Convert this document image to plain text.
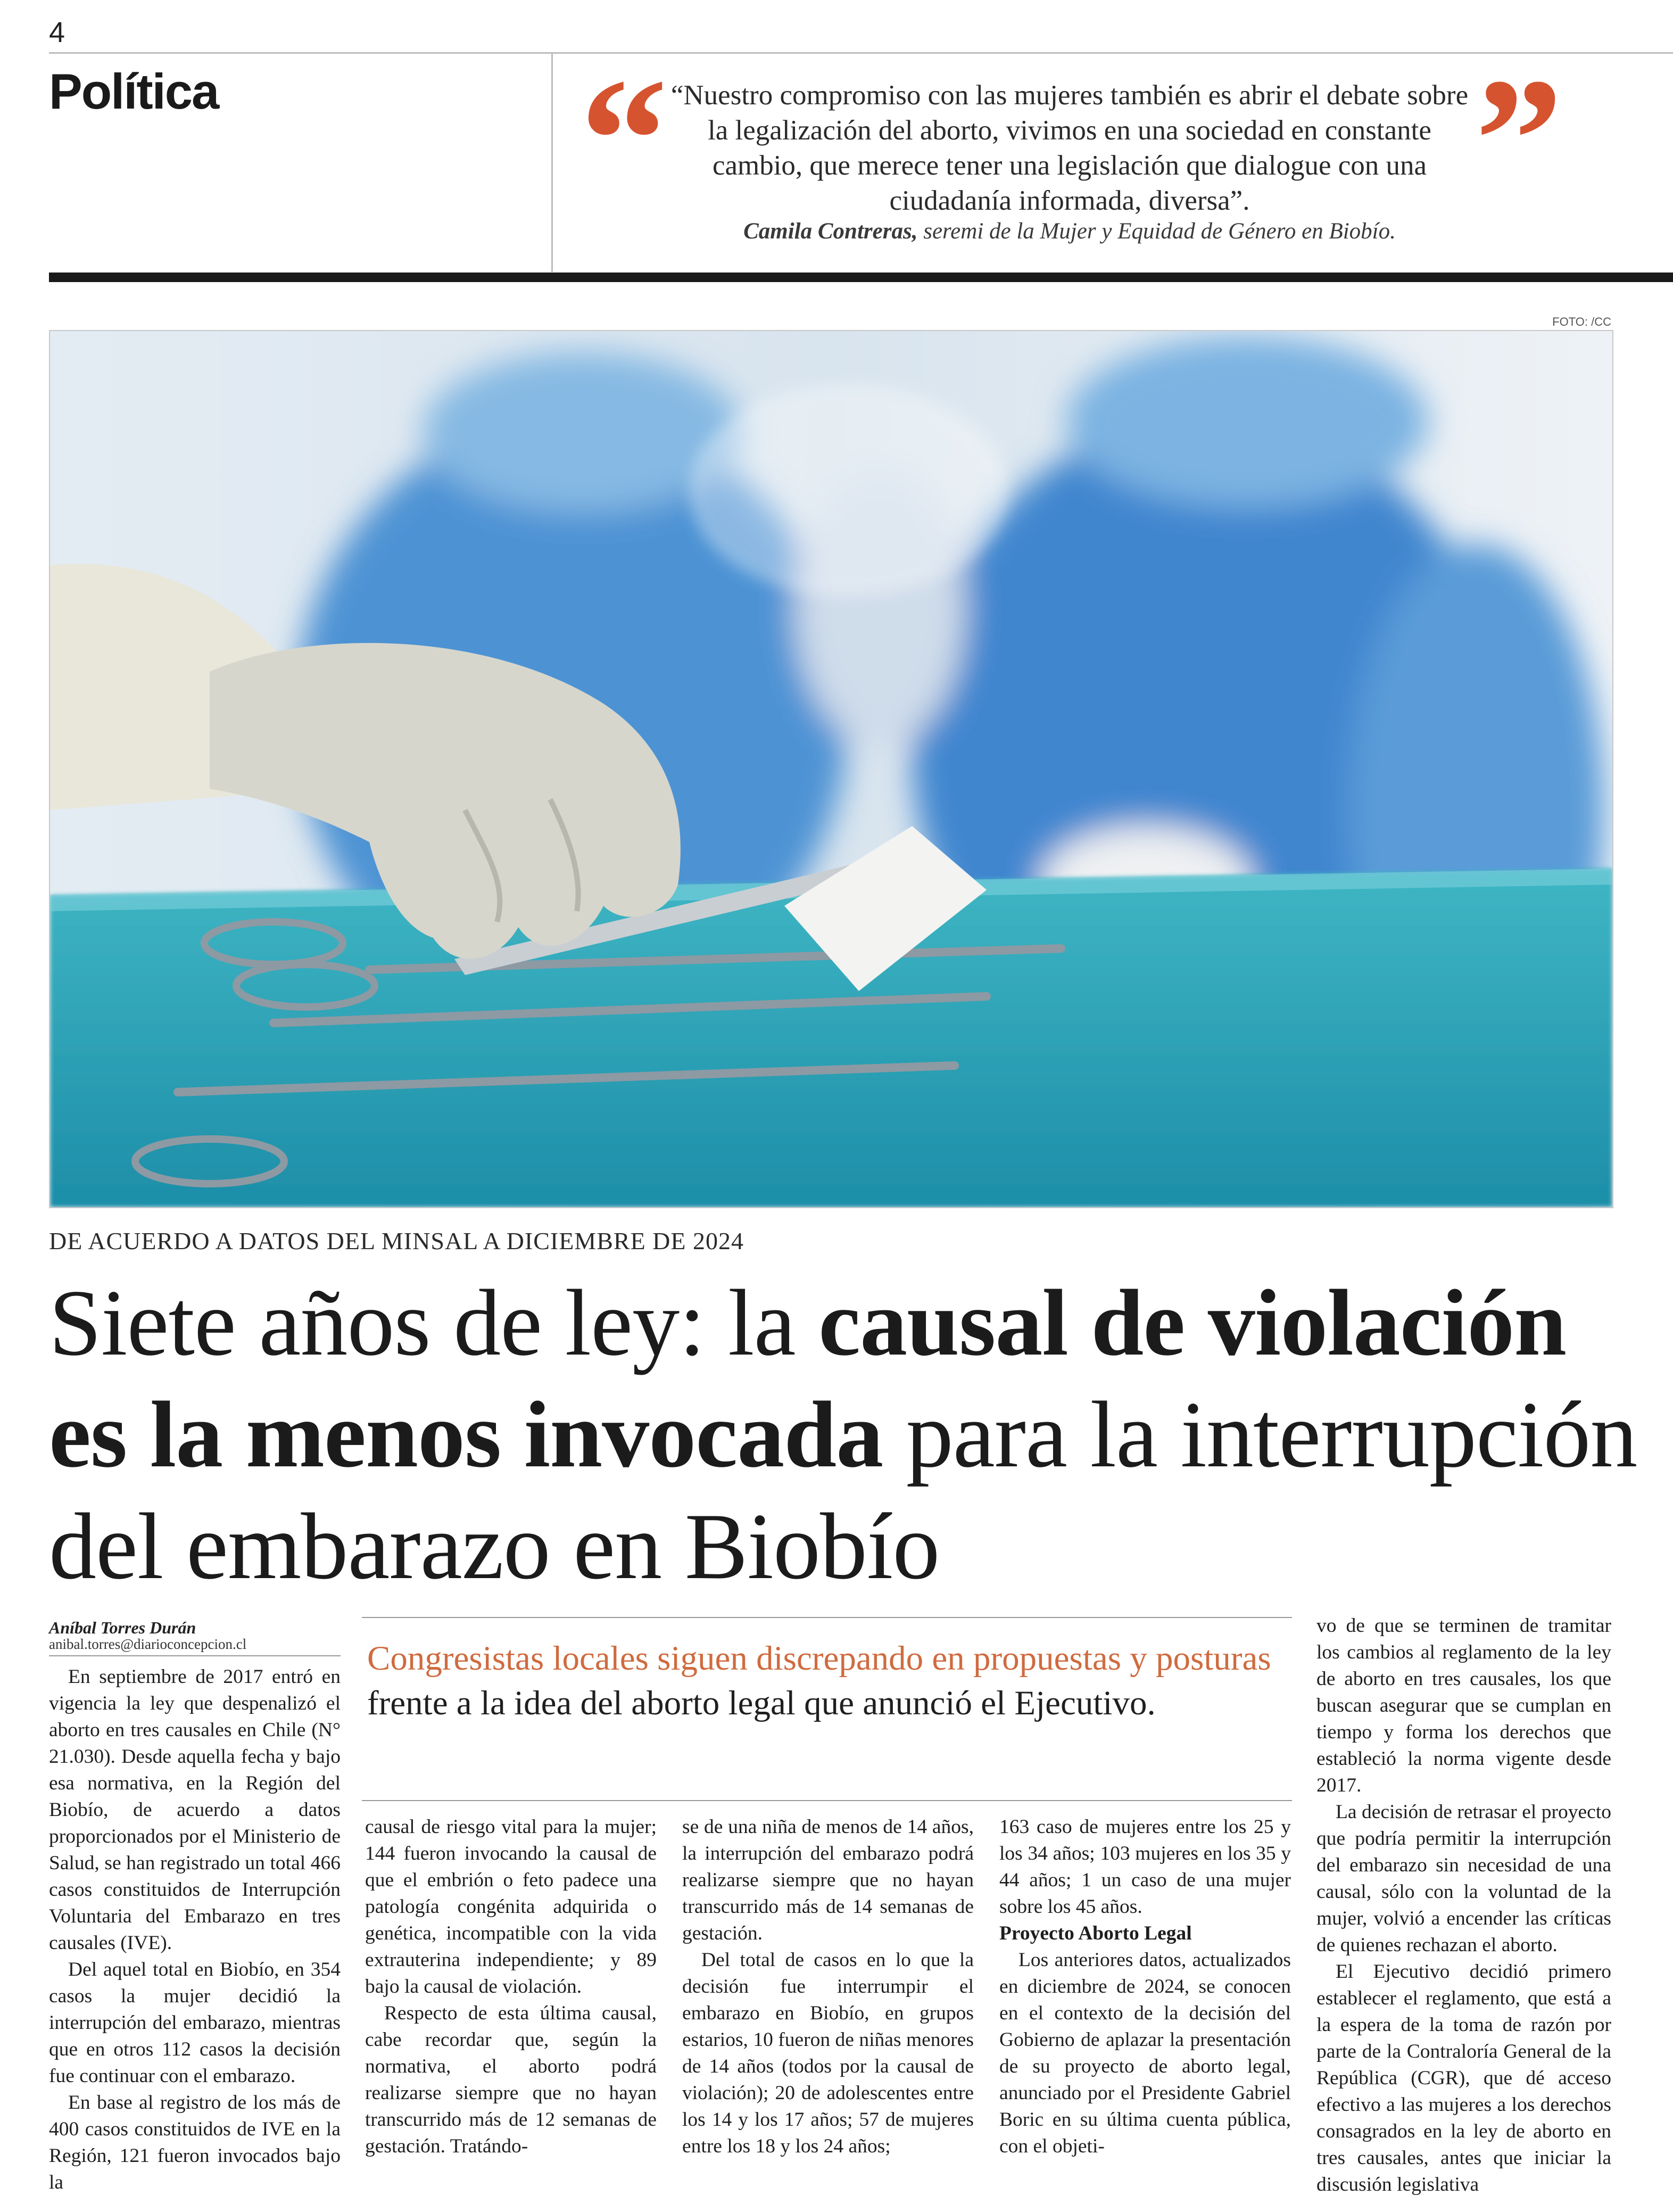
4
Política “ “Nuestro compromiso con las mujeres también es abrir el debate sobre la legalización del aborto, vivimos en una sociedad en constante cambio, que merece tener una legislación que dialogue con una ciudadanía informada, diversa”.
Camila Contreras, seremi de la Mujer y Equidad de Género en Biobío. ”
FOTO: /CC
DE ACUERDO A DATOS DEL MINSAL A DICIEMBRE DE 2024
Siete años de ley: la causal de violación es la menos invocada para la interrupción del embarazo en Biobío
Aníbal Torres Durán
anibal.torres@diarioconcepcion.cl	Congresistas locales siguen discrepando en propuestas y posturas frente a la idea del aborto legal que anunció el Ejecutivo.

En septiembre de 2017 entró en vigencia la ley que despenalizó el aborto en tres causales en Chile (N° 21.030). Desde aquella fecha y bajo esa normativa, en la Región del Biobío, de acuerdo a datos proporcionados por el Ministerio de Salud, se han registrado un total 466 casos constituidos de Interrupción Voluntaria del Embarazo en tres causales (IVE).

Del aquel total en Biobío, en 354 casos la mujer decidió la interrupción del embarazo, mientras que en otros 112 casos la decisión fue continuar con el embarazo.

En base al registro de los más de 400 casos constituidos de IVE en la Región, 121 fueron invocados bajo la

causal de riesgo vital para la mujer; 144 fueron invocando la causal de que el embrión o feto padece una patología congénita adquirida o genética, incompatible con la vida extrauterina independiente; y 89 bajo la causal de violación.

Respecto de esta última causal, cabe recordar que, según la normativa, el aborto podrá realizarse siempre que no hayan transcurrido más de 12 semanas de gestación. Tratándo-

se de una niña de menos de 14 años, la interrupción del embarazo podrá realizarse siempre que no hayan transcurrido más de 14 semanas de gestación.

Del total de casos en lo que la decisión fue interrumpir el embarazo en Biobío, en grupos estarios, 10 fueron de niñas menores de 14 años (todos por la causal de violación); 20 de adolescentes entre los 14 y los 17 años; 57 de mujeres entre los 18 y los 24 años;

163 caso de mujeres entre los 25 y los 34 años; 103 mujeres en los 35 y 44 años; 1 un caso de una mujer sobre los 45 años.

Proyecto Aborto Legal

Los anteriores datos, actualizados en diciembre de 2024, se conocen en el contexto de la decisión del Gobierno de aplazar la presentación de su proyecto de aborto legal, anunciado por el Presidente Gabriel Boric en su última cuenta pública, con el objeti-

vo de que se terminen de tramitar los cambios al reglamento de la ley de aborto en tres causales, los que buscan asegurar que se cumplan en tiempo y forma los derechos que estableció la norma vigente desde 2017.

La decisión de retrasar el proyecto que podría permitir la interrupción del embarazo sin necesidad de una causal, sólo con la voluntad de la mujer, volvió a encender las críticas de quienes rechazan el aborto.

El Ejecutivo decidió primero establecer el reglamento, que está a la espera de la toma de razón por parte de la Contraloría General de la República (CGR), que dé acceso efectivo a las mujeres a los derechos consagrados en la ley de aborto en tres causales, antes que iniciar la discusión legislativa
